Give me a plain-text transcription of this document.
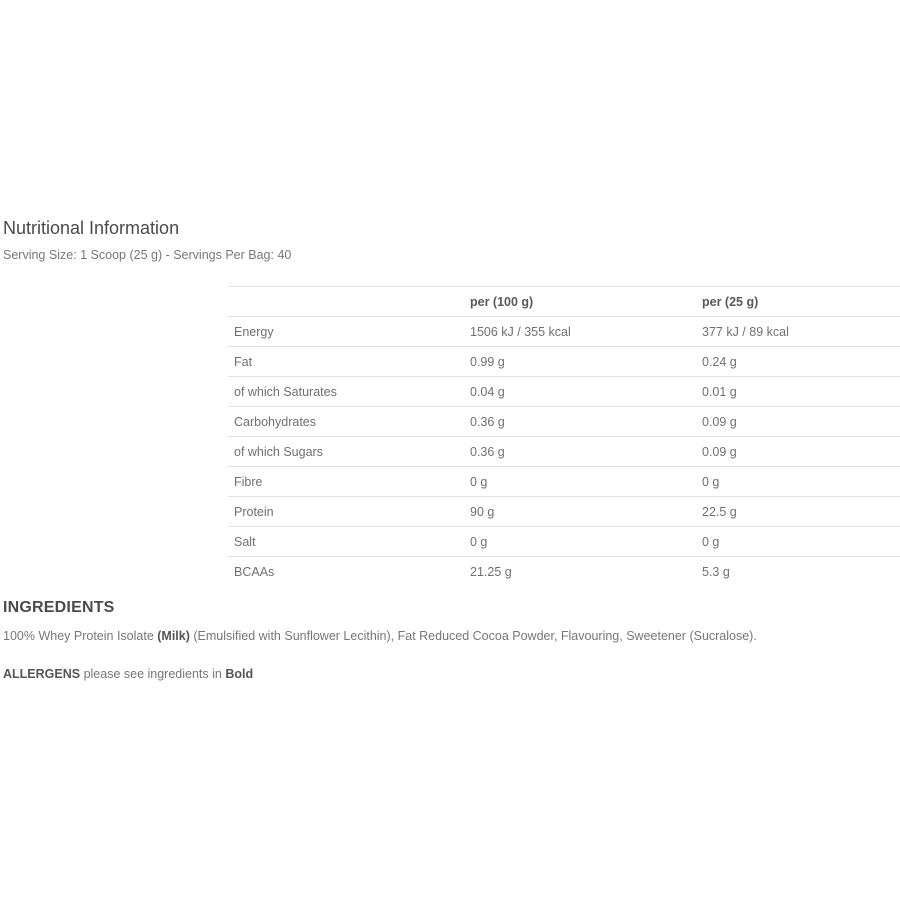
Nutritional Information
Serving Size: 1 Scoop (25 g) - Servings Per Bag: 40
	per (100 g)	per (25 g)
Energy	1506 kJ / 355 kcal	377 kJ / 89 kcal
Fat	0.99 g	0.24 g
of which Saturates	0.04 g	0.01 g
Carbohydrates	0.36 g	0.09 g
of which Sugars	0.36 g	0.09 g
Fibre	0 g	0 g
Protein	90 g	22.5 g
Salt	0 g	0 g
BCAAs	21.25 g	5.3 g
INGREDIENTS
100% Whey Protein Isolate (Milk) (Emulsified with Sunflower Lecithin), Fat Reduced Cocoa Powder, Flavouring, Sweetener (Sucralose).
ALLERGENS please see ingredients in Bold
